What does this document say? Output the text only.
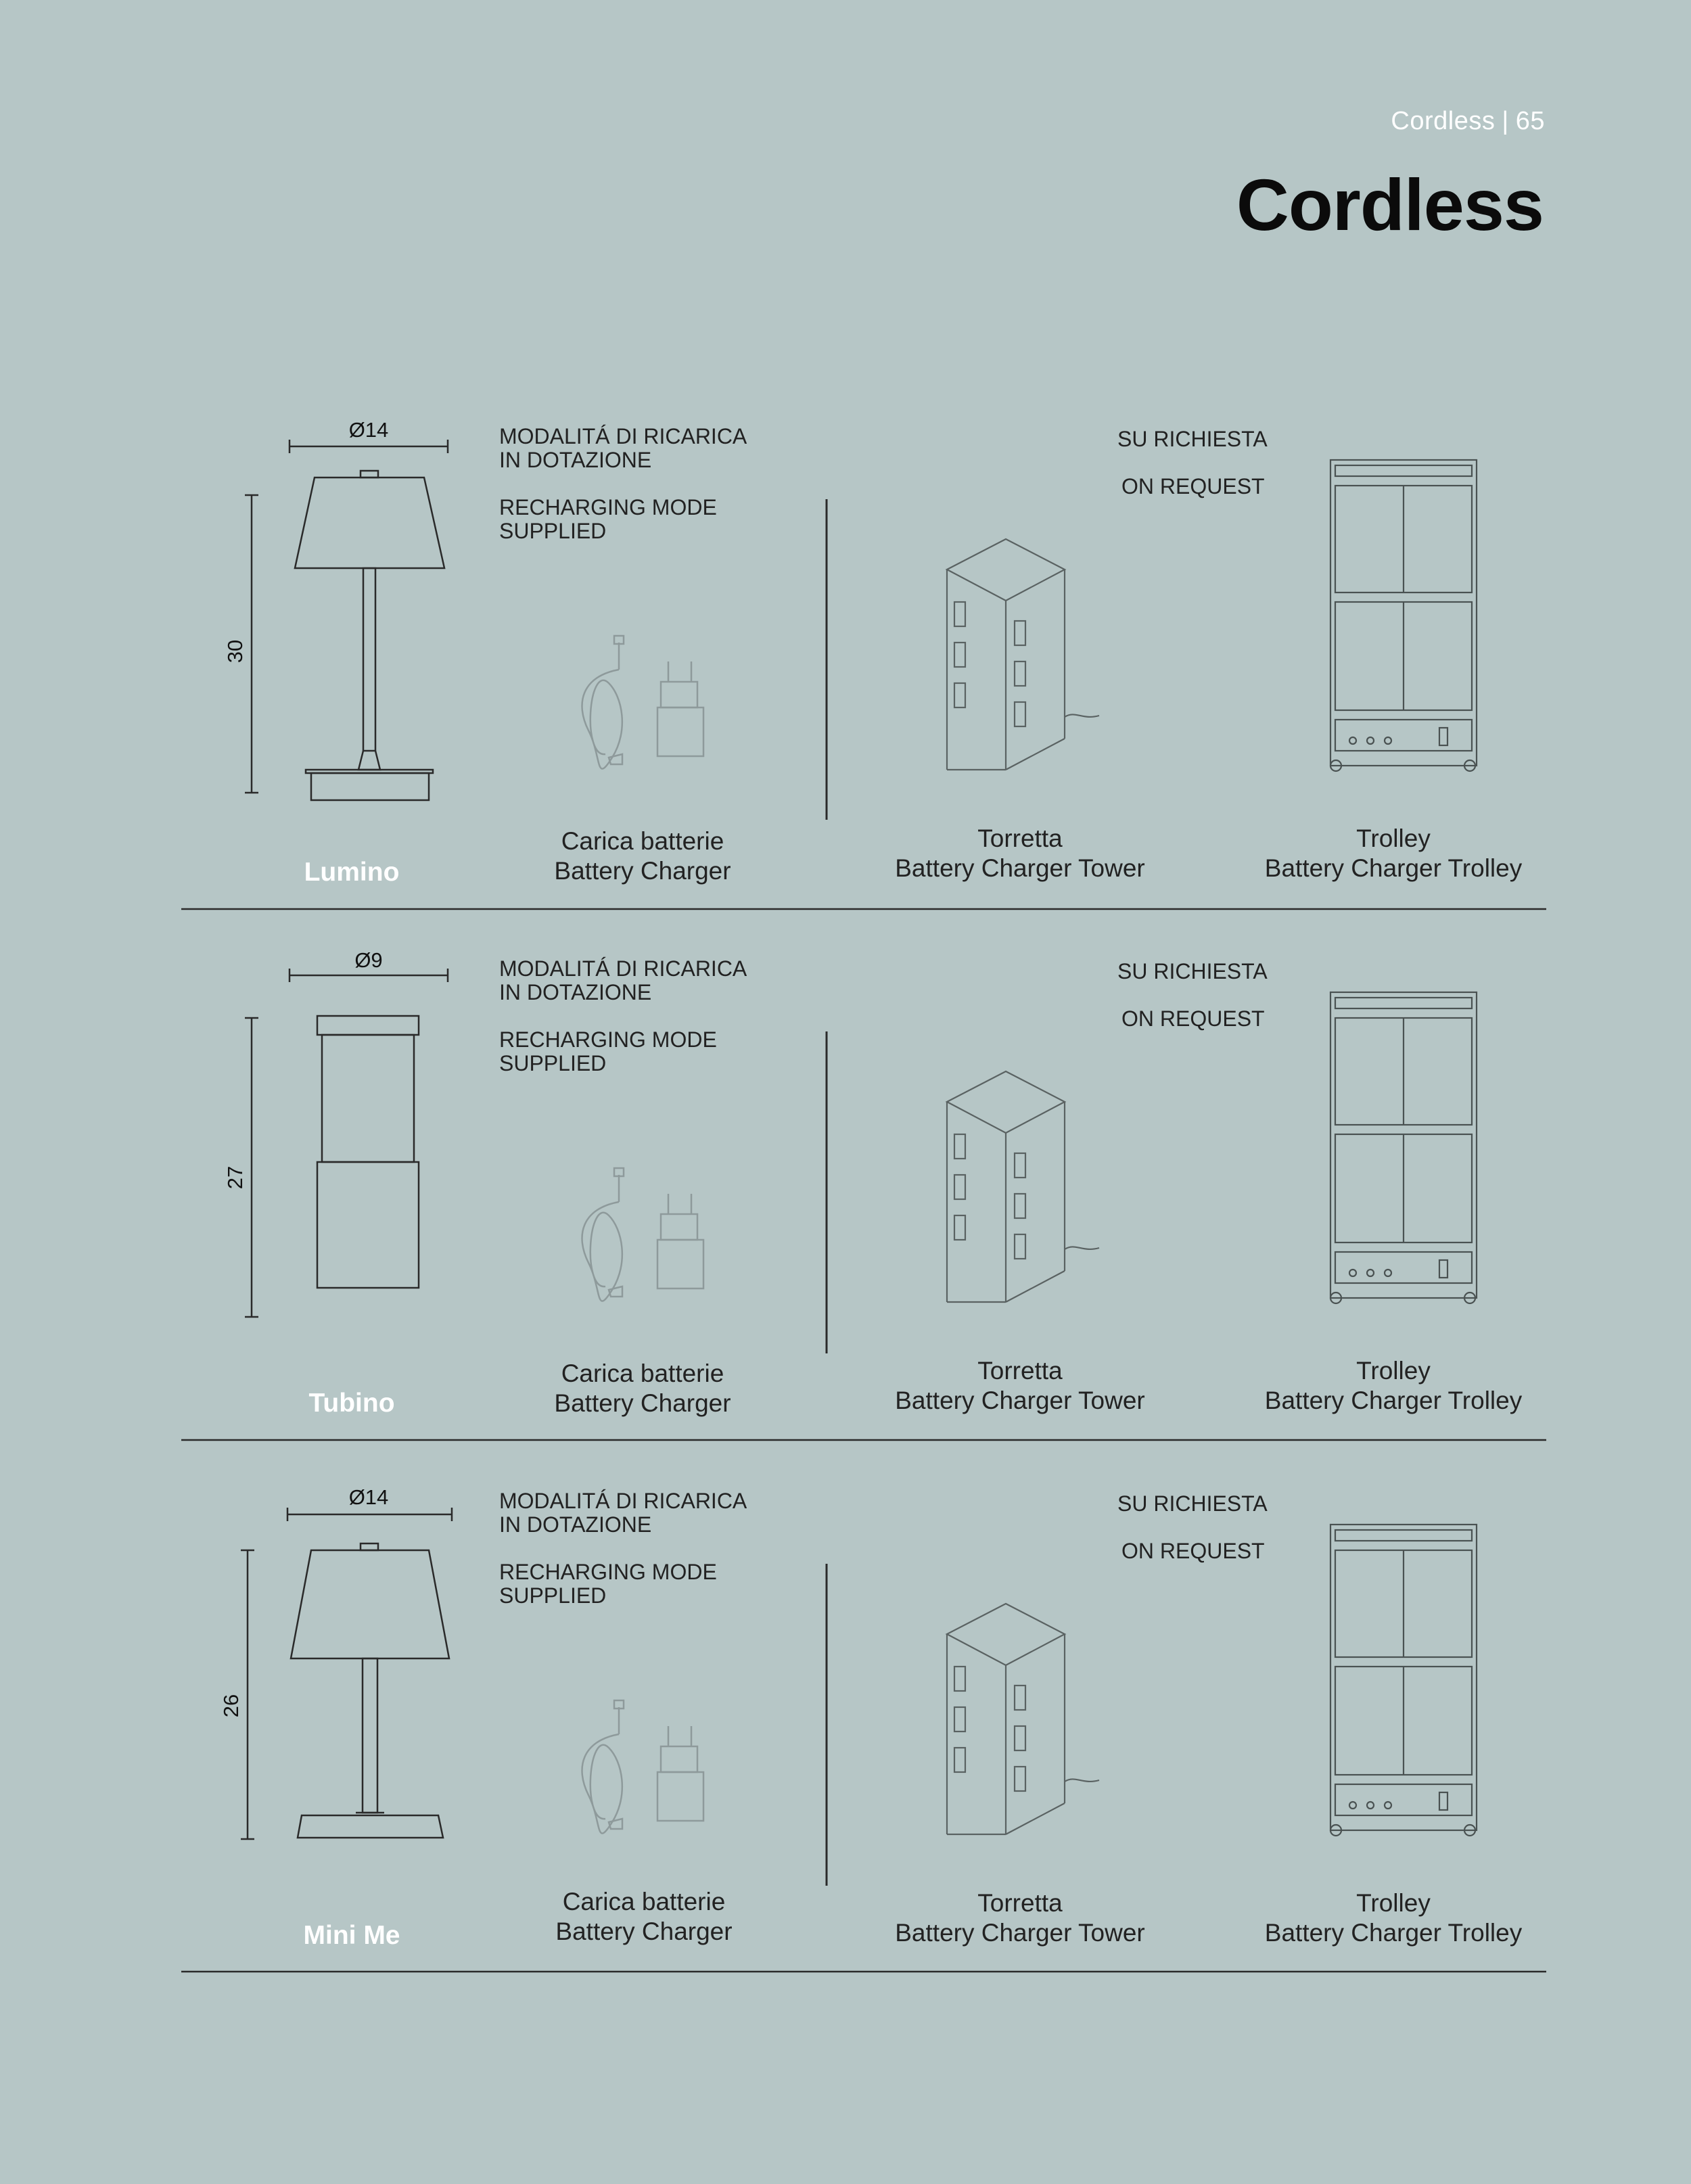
Cordless | 65
Cordless
Ø14
30
MODALITÁ DI RICARICA
IN DOTAZIONE
RECHARGING MODE
SUPPLIED
SU RICHIESTA
ON REQUEST
Carica batterie
Battery Charger
Torretta
Battery Charger Tower
Trolley
Battery Charger Trolley
Lumino
Ø9
27
MODALITÁ DI RICARICA
IN DOTAZIONE
RECHARGING MODE
SUPPLIED
SU RICHIESTA
ON REQUEST
Carica batterie
Battery Charger
Torretta
Battery Charger Tower
Trolley
Battery Charger Trolley
Tubino
Ø14
26
MODALITÁ DI RICARICA
IN DOTAZIONE
RECHARGING MODE
SUPPLIED
SU RICHIESTA
ON REQUEST
Carica batterie
Battery Charger
Torretta
Battery Charger Tower
Trolley
Battery Charger Trolley
Mini Me
